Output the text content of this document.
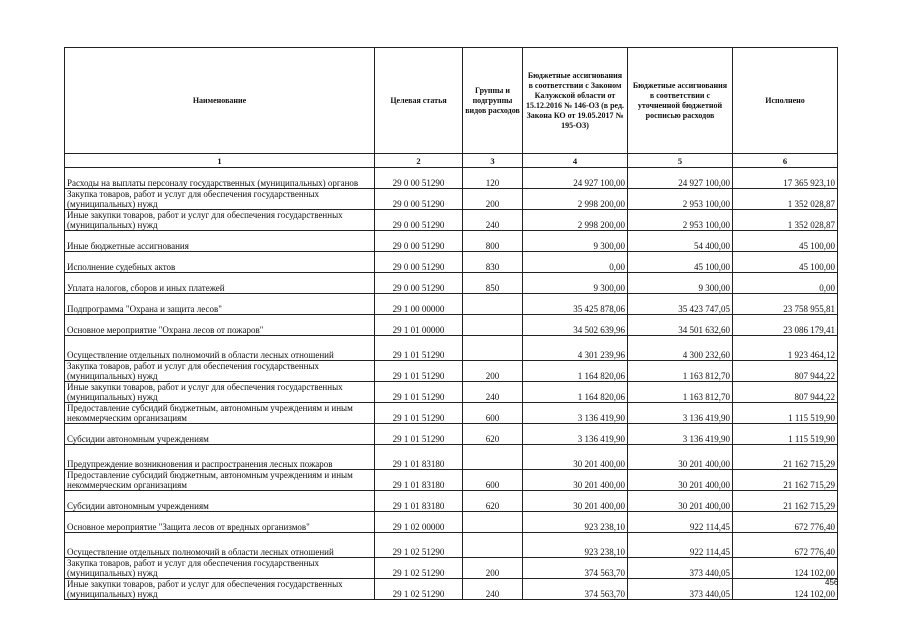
Наименование	Целевая статья	Группы и подгруппы видов расходов	Бюджетные ассигнования в соответствии с Законом Калужской области от 15.12.2016 № 146-ОЗ (в ред. Закона КО от 19.05.2017 № 195-ОЗ)	Бюджетные ассигнования в соответствии с уточненной бюджетной росписью расходов	Исполнено
1	2	3	4	5	6
Расходы на выплаты персоналу государственных (муниципальных) органов	29 0 00 51290	120	24 927 100,00	24 927 100,00	17 365 923,10
Закупка товаров, работ и услуг для обеспечения государственных (муниципальных) нужд	29 0 00 51290	200	2 998 200,00	2 953 100,00	1 352 028,87
Иные закупки товаров, работ и услуг для обеспечения государственных (муниципальных) нужд	29 0 00 51290	240	2 998 200,00	2 953 100,00	1 352 028,87
Иные бюджетные ассигнования	29 0 00 51290	800	9 300,00	54 400,00	45 100,00
Исполнение судебных актов	29 0 00 51290	830	0,00	45 100,00	45 100,00
Уплата налогов, сборов и иных платежей	29 0 00 51290	850	9 300,00	9 300,00	0,00
Подпрограмма "Охрана и защита лесов"	29 1 00 00000		35 425 878,06	35 423 747,05	23 758 955,81
Основное мероприятие "Охрана лесов от пожаров"	29 1 01 00000		34 502 639,96	34 501 632,60	23 086 179,41
Осуществление отдельных полномочий в области лесных отношений	29 1 01 51290		4 301 239,96	4 300 232,60	1 923 464,12
Закупка товаров, работ и услуг для обеспечения государственных (муниципальных) нужд	29 1 01 51290	200	1 164 820,06	1 163 812,70	807 944,22
Иные закупки товаров, работ и услуг для обеспечения государственных (муниципальных) нужд	29 1 01 51290	240	1 164 820,06	1 163 812,70	807 944,22
Предоставление субсидий бюджетным, автономным учреждениям и иным некоммерческим организациям	29 1 01 51290	600	3 136 419,90	3 136 419,90	1 115 519,90
Субсидии автономным учреждениям	29 1 01 51290	620	3 136 419,90	3 136 419,90	1 115 519,90
Предупреждение возникновения и распространения лесных пожаров	29 1 01 83180		30 201 400,00	30 201 400,00	21 162 715,29
Предоставление субсидий бюджетным, автономным учреждениям и иным некоммерческим организациям	29 1 01 83180	600	30 201 400,00	30 201 400,00	21 162 715,29
Субсидии автономным учреждениям	29 1 01 83180	620	30 201 400,00	30 201 400,00	21 162 715,29
Основное мероприятие "Защита лесов от вредных организмов"	29 1 02 00000		923 238,10	922 114,45	672 776,40
Осуществление отдельных полномочий в области лесных отношений	29 1 02 51290		923 238,10	922 114,45	672 776,40
Закупка товаров, работ и услуг для обеспечения государственных (муниципальных) нужд	29 1 02 51290	200	374 563,70	373 440,05	124 102,00
Иные закупки товаров, работ и услуг для обеспечения государственных (муниципальных) нужд	29 1 02 51290	240	374 563,70	373 440,05	124 102,00
456
